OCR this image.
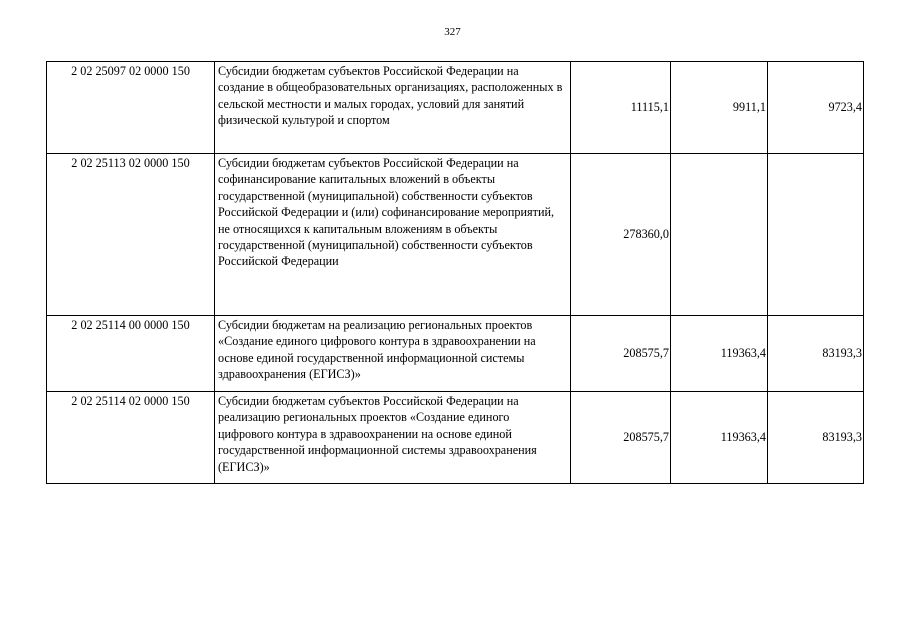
327
2 02 25097 02 0000 150	Субсидии бюджетам субъектов Российской Федерации на создание в общеобразовательных организациях, расположенных в сельской местности и малых городах, условий для занятий физической культурой и спортом	11115,1	9911,1	9723,4
2 02 25113 02 0000 150	Субсидии бюджетам субъектов Российской Федерации на софинансирование капитальных вложений в объекты государственной (муниципальной) собственности субъектов Российской Федерации и (или) софинансирование мероприятий, не относящихся к капитальным вложениям в объекты государственной (муниципальной) собственности субъектов Российской Федерации	278360,0		
2 02 25114 00 0000 150	Субсидии бюджетам на реализацию региональных проектов «Создание единого цифрового контура в здравоохранении на основе единой государственной информационной системы здравоохранения (ЕГИСЗ)»	208575,7	119363,4	83193,3
2 02 25114 02 0000 150	Субсидии бюджетам субъектов Российской Федерации на реализацию региональных проектов «Создание единого цифрового контура в здравоохранении на основе единой государственной информационной системы здравоохранения (ЕГИСЗ)»	208575,7	119363,4	83193,3
